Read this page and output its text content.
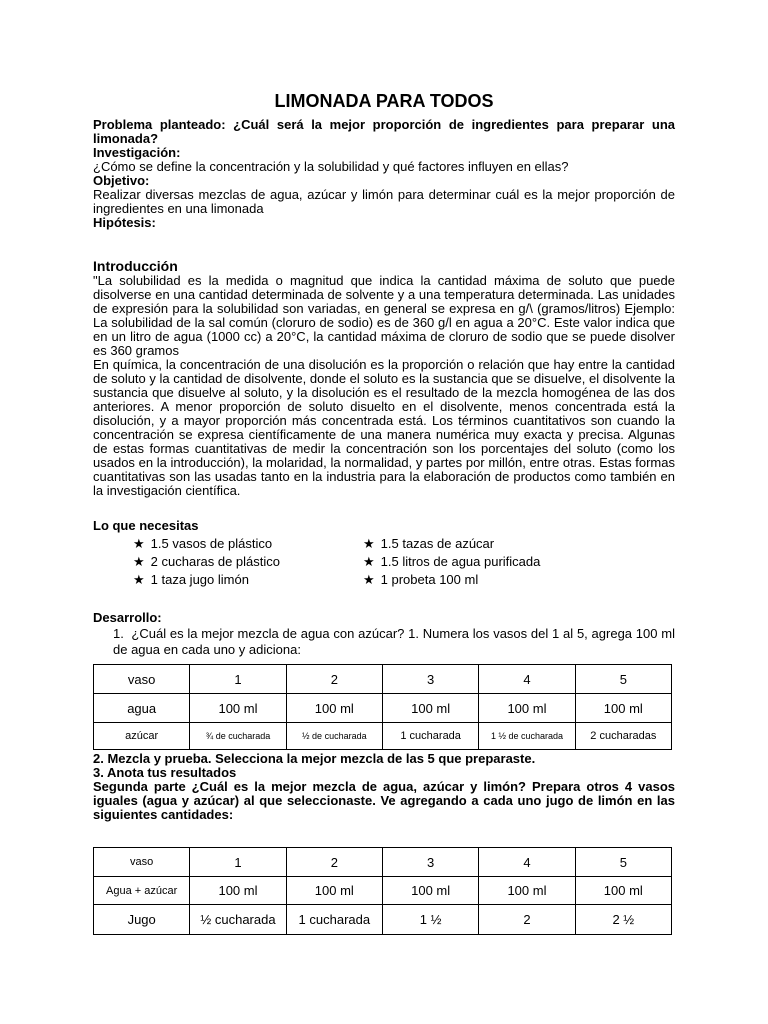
LIMONADA PARA TODOS
Problema planteado: ¿Cuál será la mejor proporción de ingredientes para preparar una limonada?
Investigación:
¿Cómo se define la concentración y la solubilidad y qué factores influyen en ellas?
Objetivo:
Realizar diversas mezclas de agua, azúcar y limón para determinar cuál es la mejor proporción de ingredientes en una limonada
Hipótesis:
Introducción
"La solubilidad es la medida o magnitud que indica la cantidad máxima de soluto que puede disolverse en una cantidad determinada de solvente y a una temperatura determinada. Las unidades de expresión para la solubilidad son variadas, en general se expresa en g/\ (gramos/litros) Ejemplo: La solubilidad de la sal común (cloruro de sodio) es de 360 g/l en agua a 20°C. Este valor indica que en un litro de agua (1000 cc) a 20°C, la cantidad máxima de cloruro de sodio que se puede disolver es 360 gramos
En química, la concentración de una disolución es la proporción o relación que hay entre la cantidad de soluto y la cantidad de disolvente, donde el soluto es la sustancia que se disuelve, el disolvente la sustancia que disuelve al soluto, y la disolución es el resultado de la mezcla homogénea de las dos anteriores. A menor proporción de soluto disuelto en el disolvente, menos concentrada está la disolución, y a mayor proporción más concentrada está. Los términos cuantitativos son cuando la concentración se expresa científicamente de una manera numérica muy exacta y precisa. Algunas de estas formas cuantitativas de medir la concentración son los porcentajes del soluto (como los usados en la introducción), la molaridad, la normalidad, y partes por millón, entre otras. Estas formas cuantitativas son las usadas tanto en la industria para la elaboración de productos como también en la investigación científica.
Lo que necesitas
★ 1.5 vasos de plástico	★ 1.5 tazas de azúcar
★ 2 cucharas de plástico	★ 1.5 litros de agua purificada
★ 1 taza jugo limón	★ 1 probeta 100 ml
Desarrollo:
1. ¿Cuál es la mejor mezcla de agua con azúcar? 1. Numera los vasos del 1 al 5, agrega 100 ml de agua en cada uno y adiciona:
vaso	1	2	3	4	5
agua	100 ml	100 ml	100 ml	100 ml	100 ml
azúcar	¾ de cucharada	½ de cucharada	1 cucharada	1 ½ de cucharada	2 cucharadas
2. Mezcla y prueba. Selecciona la mejor mezcla de las 5 que preparaste.
3. Anota tus resultados
Segunda parte ¿Cuál es la mejor mezcla de agua, azúcar y limón? Prepara otros 4 vasos iguales (agua y azúcar) al que seleccionaste. Ve agregando a cada uno jugo de limón en las siguientes cantidades:
vaso	1	2	3	4	5
Agua + azúcar	100 ml	100 ml	100 ml	100 ml	100 ml
Jugo	½ cucharada	1 cucharada	1 ½	2	2 ½
